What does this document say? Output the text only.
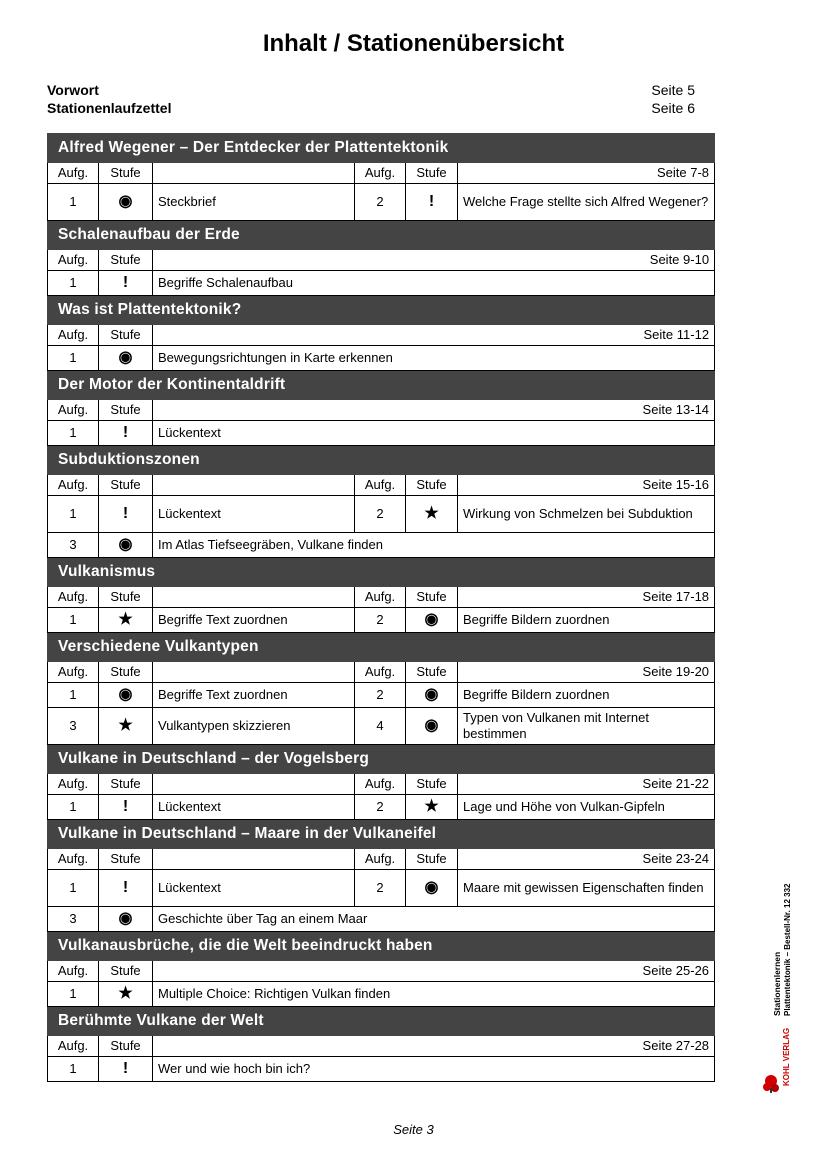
Inhalt / Stationenübersicht
Vorwort	Seite 5
Stationenlaufzettel	Seite 6
Alfred Wegener – Der Entdecker der Plattentektonik					
Aufg.	Stufe		Aufg.	Stufe	Seite 7-8
1	◉	Steckbrief	2	!	Welche Frage stellte sich Alfred Wegener?
Schalenaufbau der Erde					
Aufg.	Stufe	Seite 9-10			
1	!	Begriffe Schalenaufbau			
Was ist Plattentektonik?					
Aufg.	Stufe	Seite 11-12			
1	◉	Bewegungsrichtungen in Karte erkennen			
Der Motor der Kontinentaldrift					
Aufg.	Stufe	Seite 13-14			
1	!	Lückentext			
Subduktionszonen					
Aufg.	Stufe		Aufg.	Stufe	Seite 15-16
1	!	Lückentext	2	★	Wirkung von Schmelzen bei Subduktion
3	◉	Im Atlas Tiefseegräben, Vulkane finden			
Vulkanismus					
Aufg.	Stufe		Aufg.	Stufe	Seite 17-18
1	★	Begriffe Text zuordnen	2	◉	Begriffe Bildern zuordnen
Verschiedene Vulkantypen					
Aufg.	Stufe		Aufg.	Stufe	Seite 19-20
1	◉	Begriffe Text zuordnen	2	◉	Begriffe Bildern zuordnen
3	★	Vulkantypen skizzieren	4	◉	Typen von Vulkanen mit Internet bestimmen
Vulkane in Deutschland – der Vogelsberg					
Aufg.	Stufe		Aufg.	Stufe	Seite 21-22
1	!	Lückentext	2	★	Lage und Höhe von Vulkan-Gipfeln
Vulkane in Deutschland – Maare in der Vulkaneifel					
Aufg.	Stufe		Aufg.	Stufe	Seite 23-24
1	!	Lückentext	2	◉	Maare mit gewissen Eigenschaften finden
3	◉	Geschichte über Tag an einem Maar			
Vulkanausbrüche, die die Welt beeindruckt haben					
Aufg.	Stufe	Seite 25-26			
1	★	Multiple Choice: Richtigen Vulkan finden			
Berühmte Vulkane der Welt					
Aufg.	Stufe	Seite 27-28			
1	!	Wer und wie hoch bin ich?			
Seite 3
Stationenlernen Plattentektonik – Bestell-Nr. 12 332
KOHL VERLAG
